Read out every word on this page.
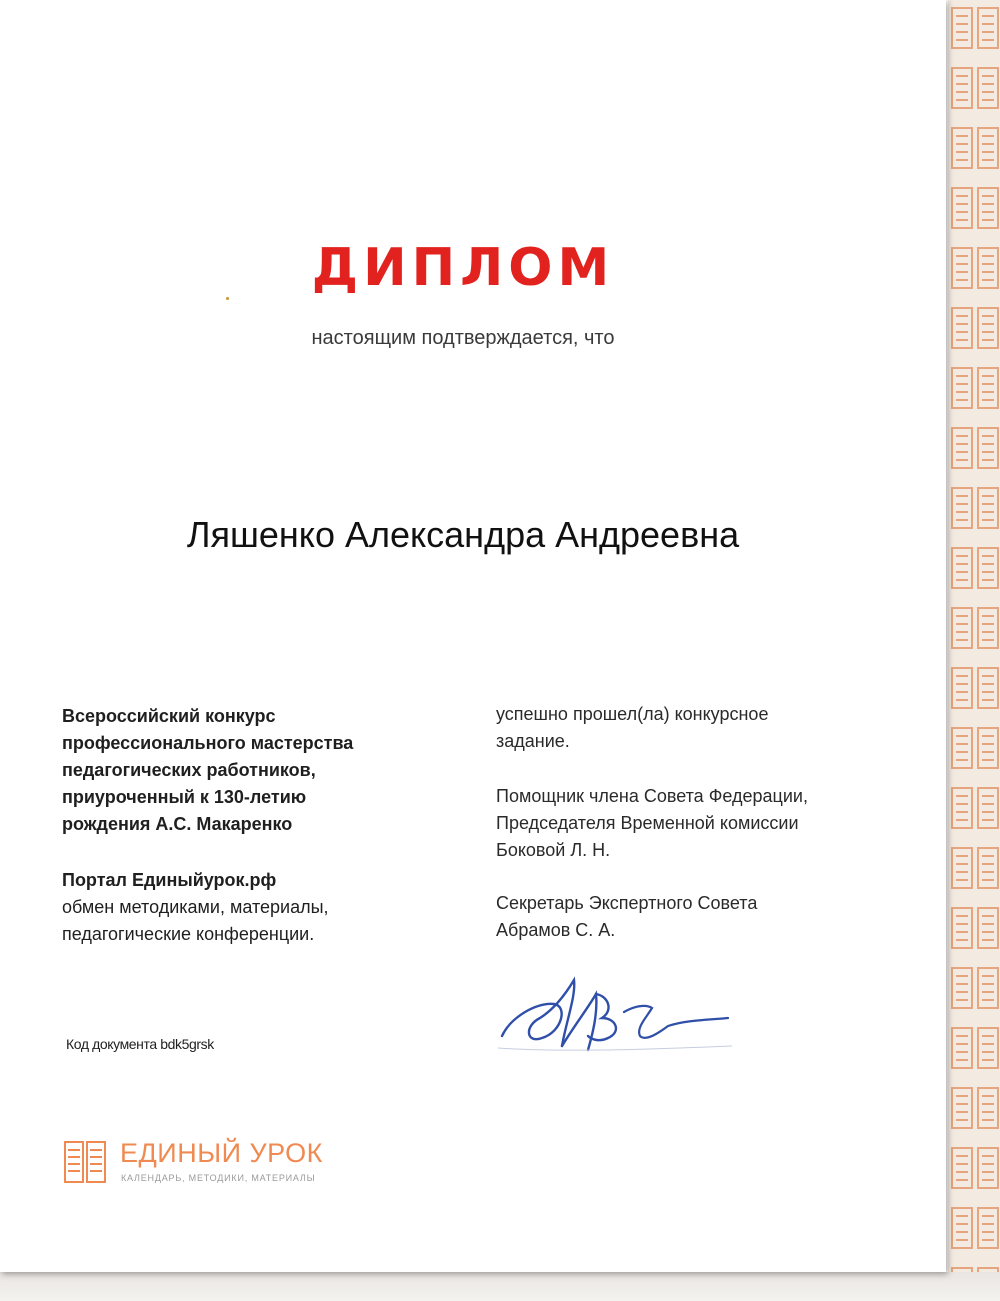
ДИПЛОМ
настоящим подтверждается, что
Ляшенко Александра Андреевна
Всероссийский конкурс
профессионального мастерства
педагогических работников,
приуроченный к 130-летию
рождения А.С. Макаренко
Портал Единыйурок.рф
обмен методиками, материалы,
педагогические конференции.
успешно прошел(ла) конкурсное
задание.
Помощник члена Совета Федерации,
Председателя Временной комиссии
Боковой Л. Н.
Секретарь Экспертного Совета
Абрамов С. А.
Код документа bdk5grsk
ЕДИНЫЙ УРОК
КАЛЕНДАРЬ, МЕТОДИКИ, МАТЕРИАЛЫ
